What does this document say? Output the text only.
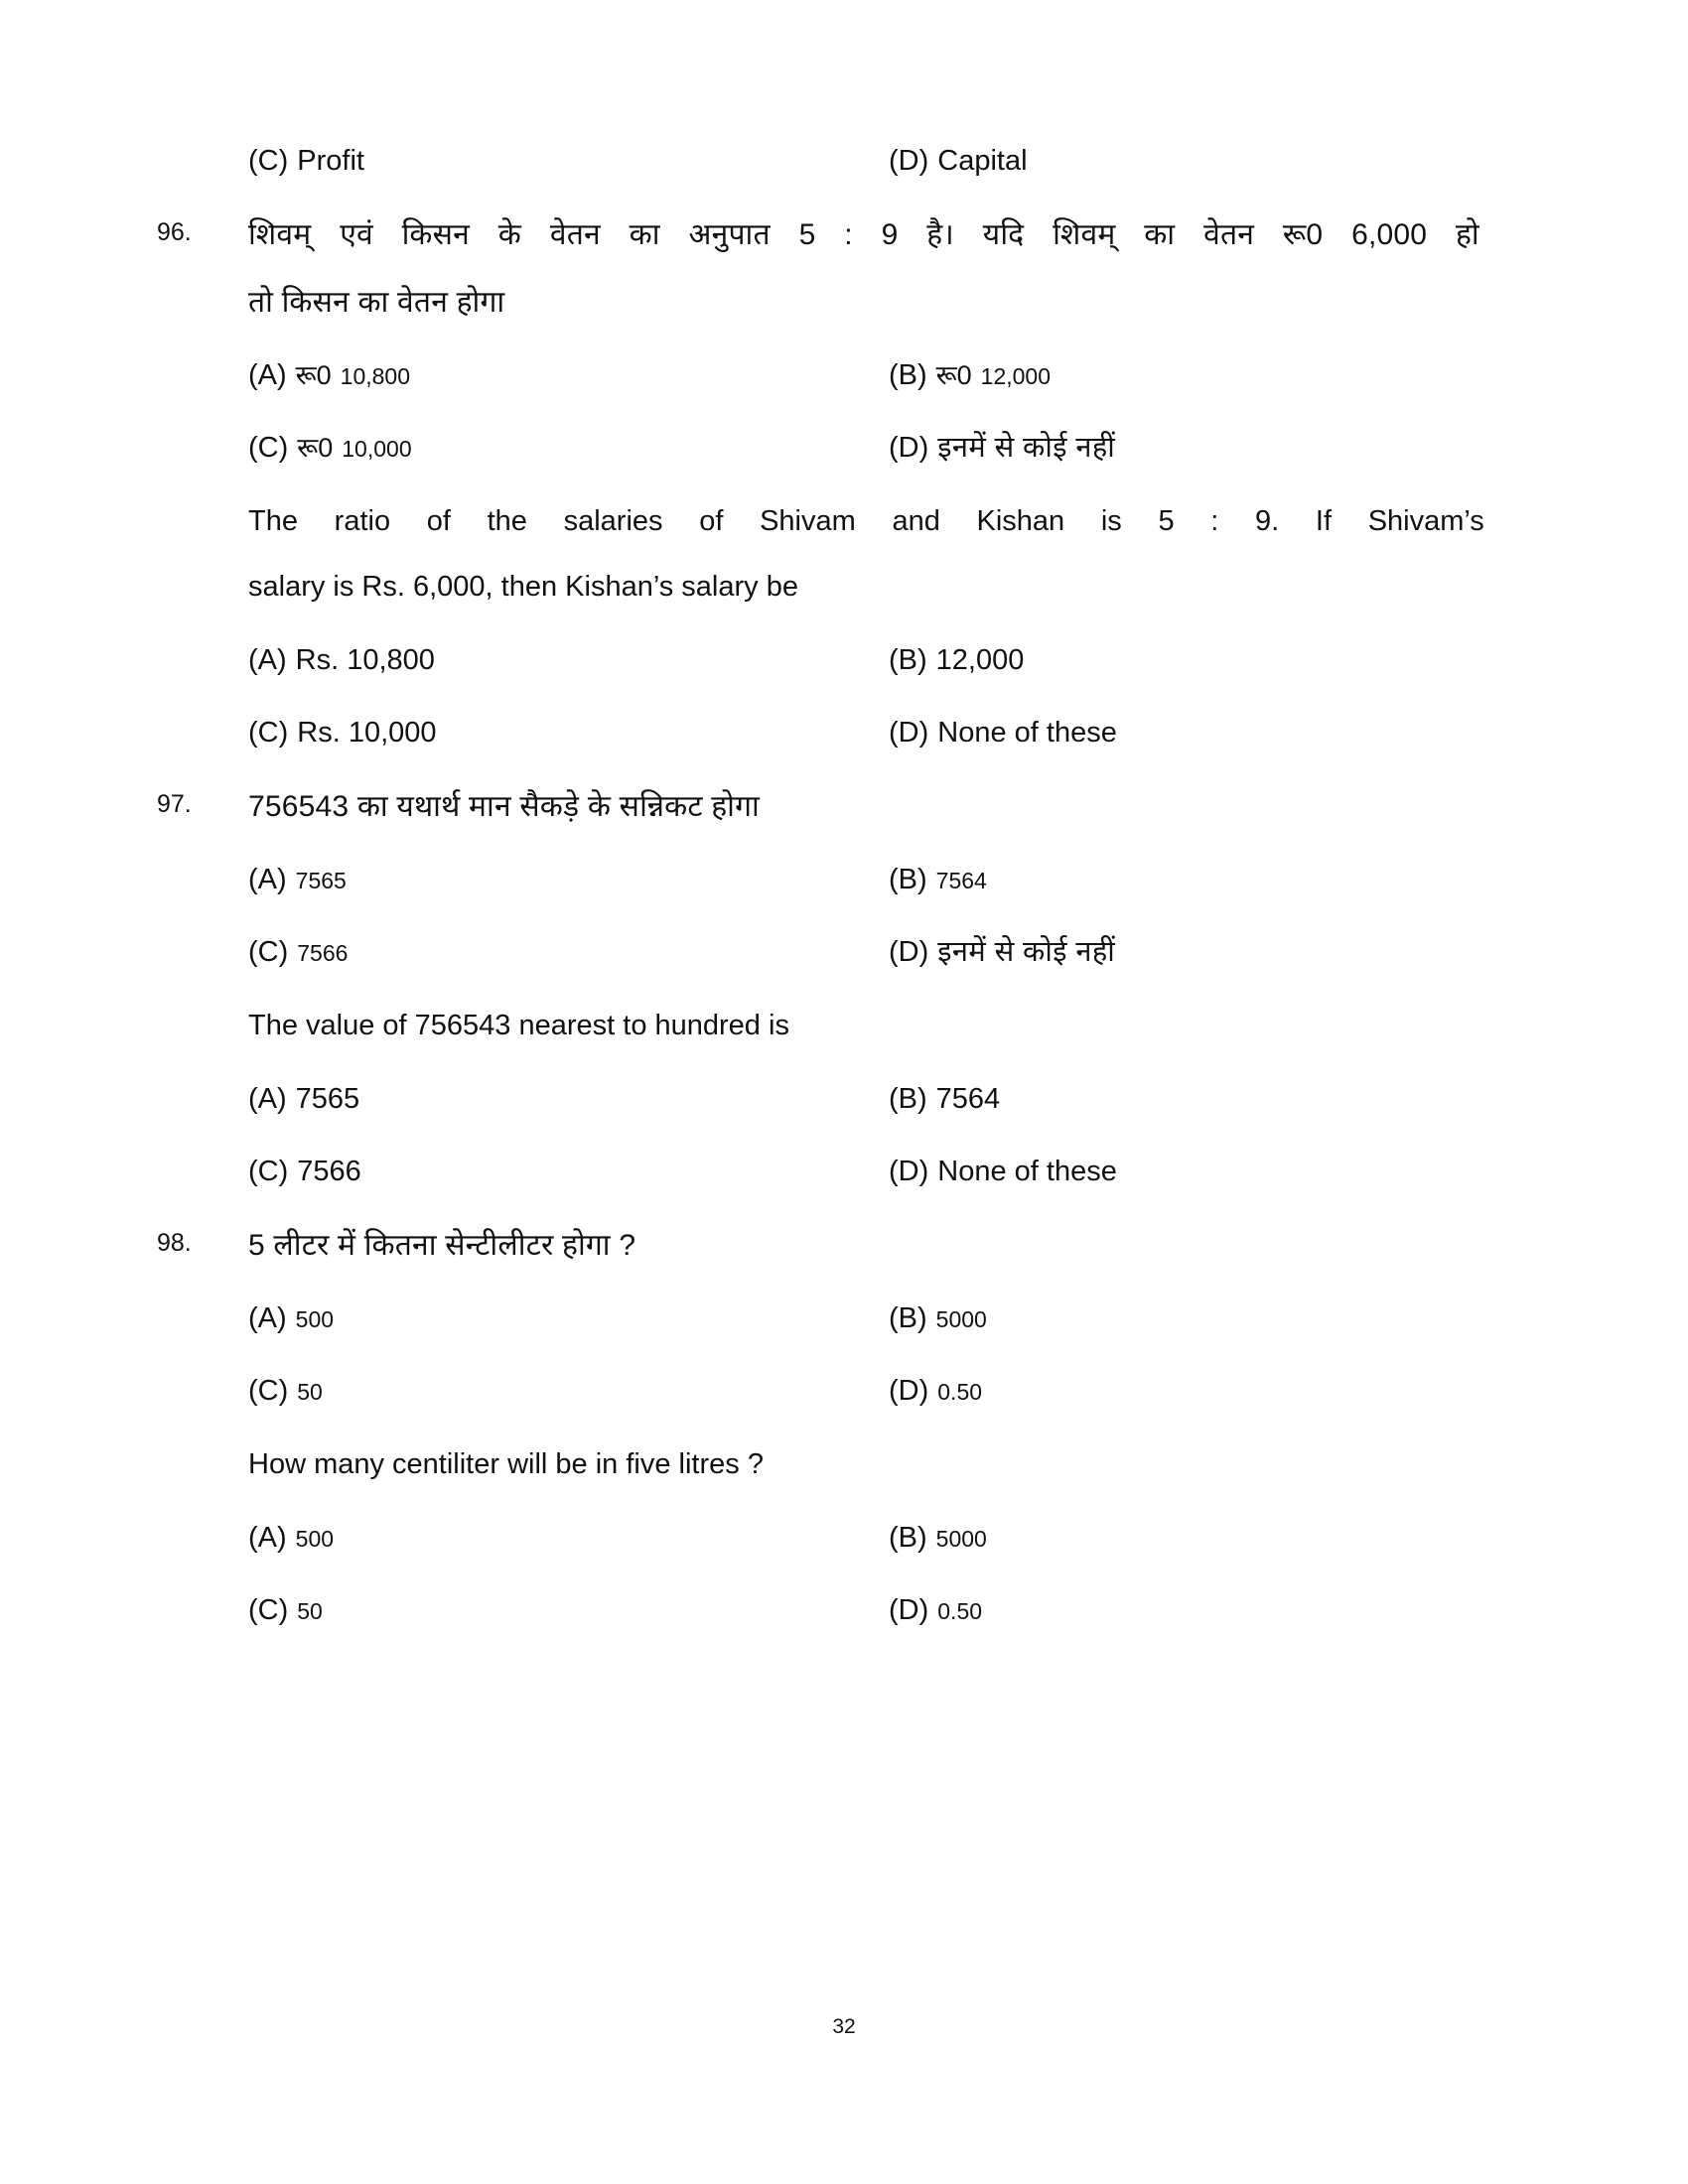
(C) Profit	(D) Capital
96.	शिवम् एवं किसन के वेतन का अनुपात 5 : 9 है। यदि शिवम् का वेतन रू0 6,000 हो
तो किसन का वेतन होगा
(A) रू0 10,800	(B) रू0 12,000
(C) रू0 10,000	(D) इनमें से कोई नहीं
The ratio of the salaries of Shivam and Kishan is 5 : 9. If Shivam’s
salary is Rs. 6,000, then Kishan’s salary be
(A) Rs. 10,800	(B) 12,000
(C) Rs. 10,000	(D) None of these
97.	756543 का यथार्थ मान सैकड़े के सन्निकट होगा
(A) 7565	(B) 7564
(C) 7566	(D) इनमें से कोई नहीं
The value of 756543 nearest to hundred is
(A) 7565	(B) 7564
(C) 7566	(D) None of these
98.	5 लीटर में कितना सेन्टीलीटर होगा ?
(A) 500	(B) 5000
(C) 50	(D) 0.50
How many centiliter will be in five litres ?
(A) 500	(B) 5000
(C) 50	(D) 0.50
32
